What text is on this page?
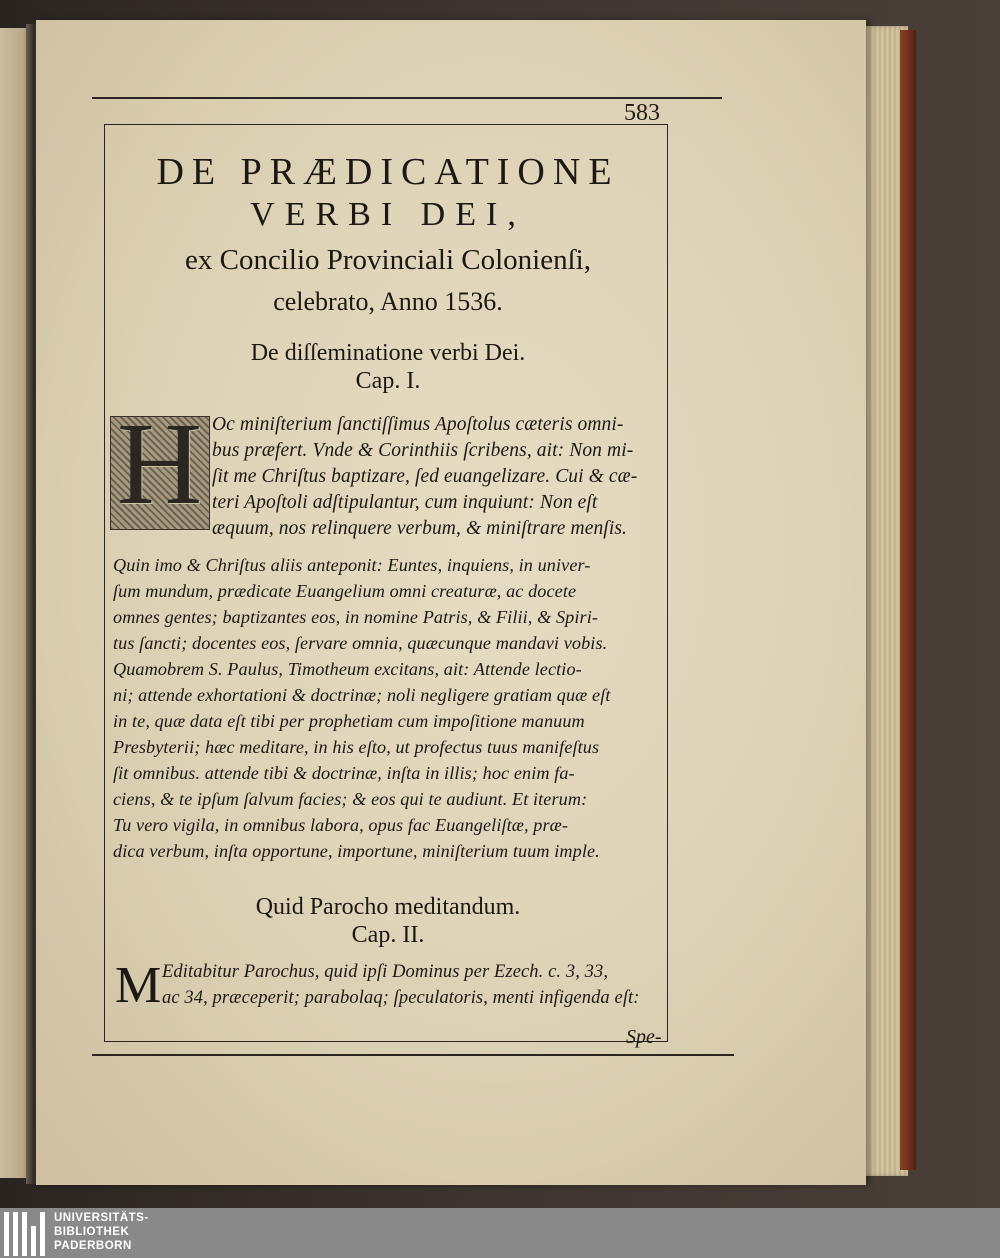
583
DE PRÆDICATIONE
VERBI DEI,
ex Concilio Provinciali Colonienſi,
celebrato, Anno 1536.
De diſſeminatione verbi Dei.
Cap. I.
H Oc miniſterium ſanctiſſimus Apoſtolus cæteris omni-
bus præfert. Vnde & Corinthiis ſcribens, ait: Non mi-
ſit me Chriſtus baptizare, ſed euangelizare. Cui & cæ-
teri Apoſtoli adſtipulantur, cum inquiunt: Non eſt
æquum, nos relinquere verbum, & miniſtrare menſis.
Quin imo & Chriſtus aliis anteponit: Euntes, inquiens, in univer-
ſum mundum, prædicate Euangelium omni creaturæ, ac docete
omnes gentes; baptizantes eos, in nomine Patris, & Filii, & Spiri-
tus ſancti; docentes eos, ſervare omnia, quæcunque mandavi vobis.
Quamobrem S. Paulus, Timotheum excitans, ait: Attende lectio-
ni; attende exhortationi & doctrinæ; noli negligere gratiam quæ eſt
in te, quæ data eſt tibi per prophetiam cum impoſitione manuum
Presbyterii; hæc meditare, in his eſto, ut profectus tuus manifeſtus
ſit omnibus. attende tibi & doctrinæ, inſta in illis; hoc enim fa-
ciens, & te ipſum ſalvum facies; & eos qui te audiunt. Et iterum:
Tu vero vigila, in omnibus labora, opus fac Euangeliſtæ, præ-
dica verbum, inſta opportune, importune, miniſterium tuum imple.
Quid Parocho meditandum.
Cap. II.
M Editabitur Parochus, quid ipſi Dominus per Ezech. c. 3, 33,
ac 34, præceperit; parabolaq; ſpeculatoris, menti infigenda eſt:
Spe-
UNIVERSITÄTS-
BIBLIOTHEK
PADERBORN
